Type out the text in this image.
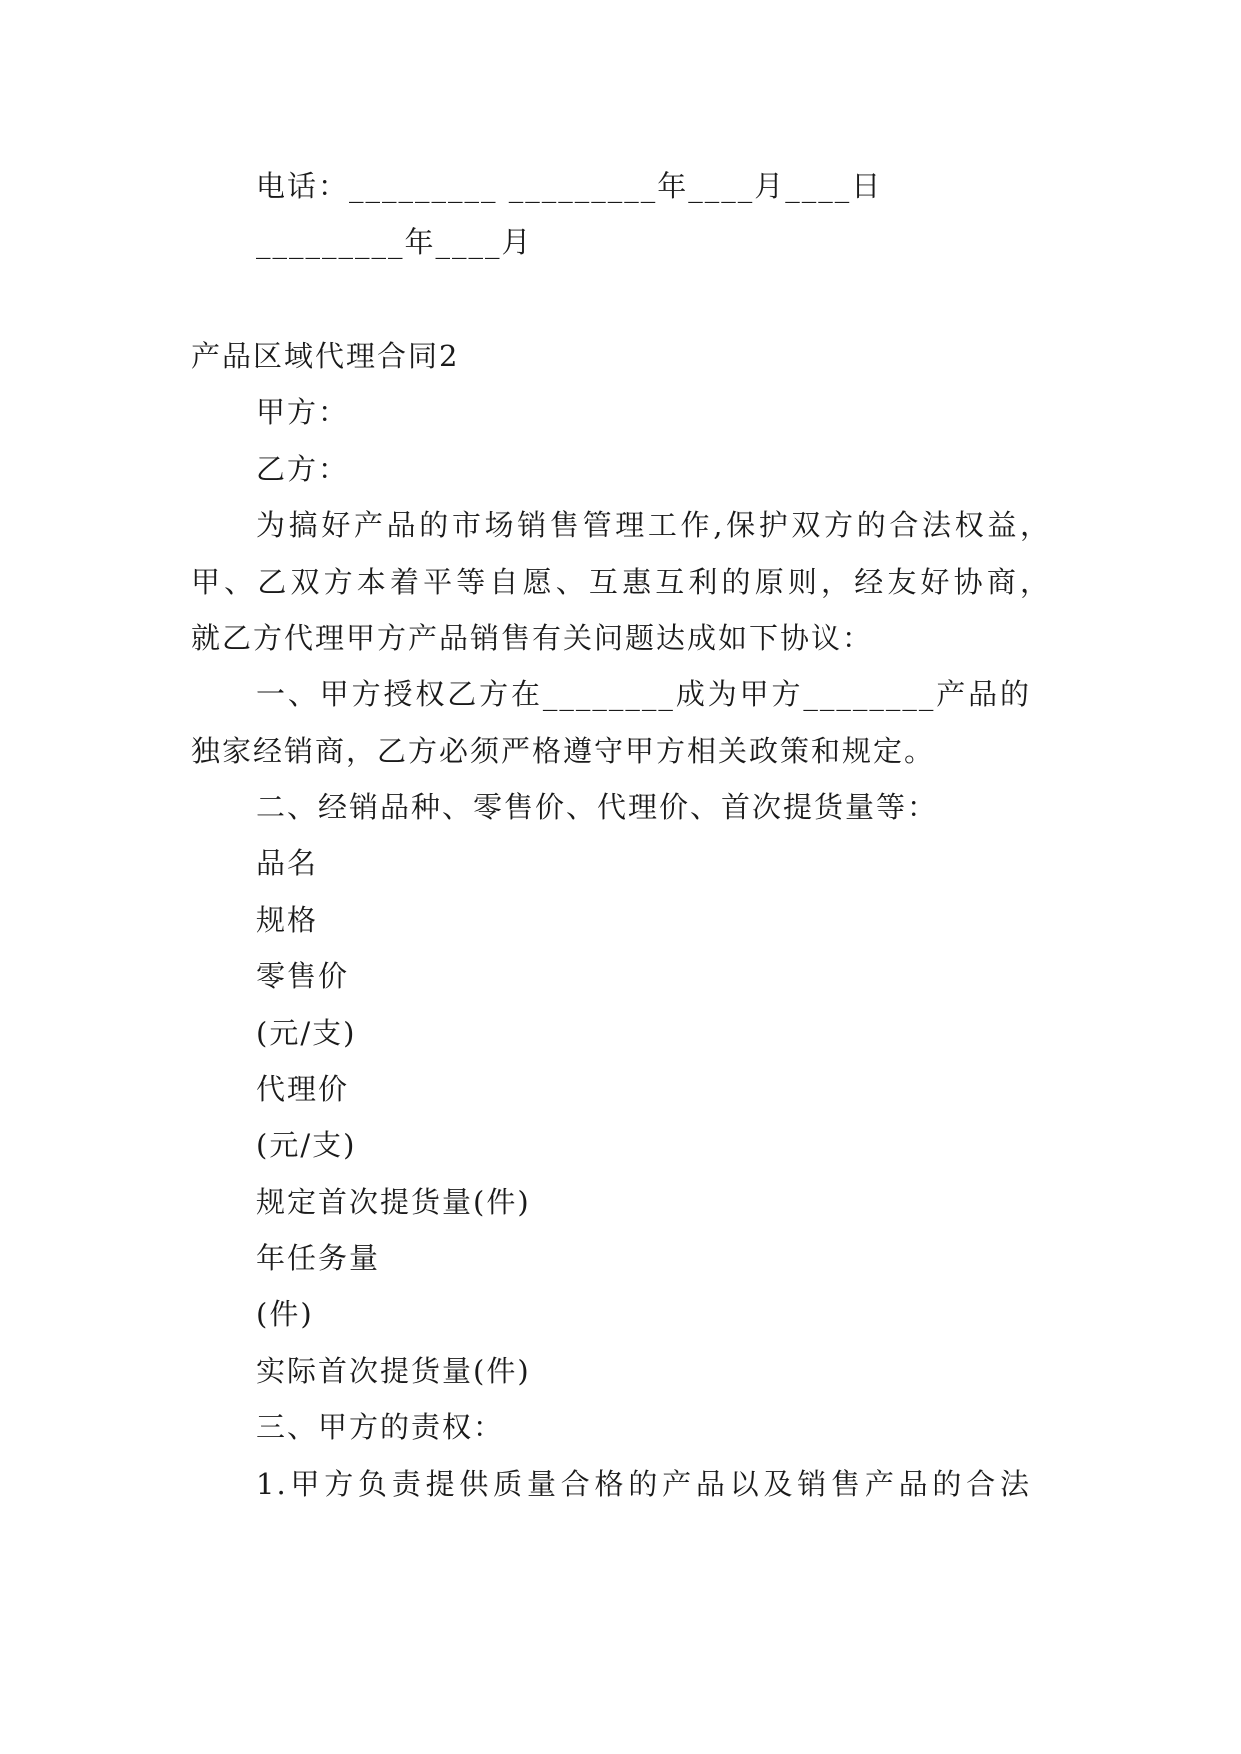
电话：_________ _________年____月____日
_________年____月
产品区域代理合同2
甲方：
乙方：
为搞好产品的市场销售管理工作,保护双方的合法权益，
甲、乙双方本着平等自愿、互惠互利的原则，经友好协商，
就乙方代理甲方产品销售有关问题达成如下协议：
一、甲方授权乙方在________成为甲方________产品的
独家经销商，乙方必须严格遵守甲方相关政策和规定。
二、经销品种、零售价、代理价、首次提货量等：
品名
规格
零售价
(元/支)
代理价
(元/支)
规定首次提货量(件)
年任务量
(件)
实际首次提货量(件)
三、甲方的责权：
1.甲方负责提供质量合格的产品以及销售产品的合法
